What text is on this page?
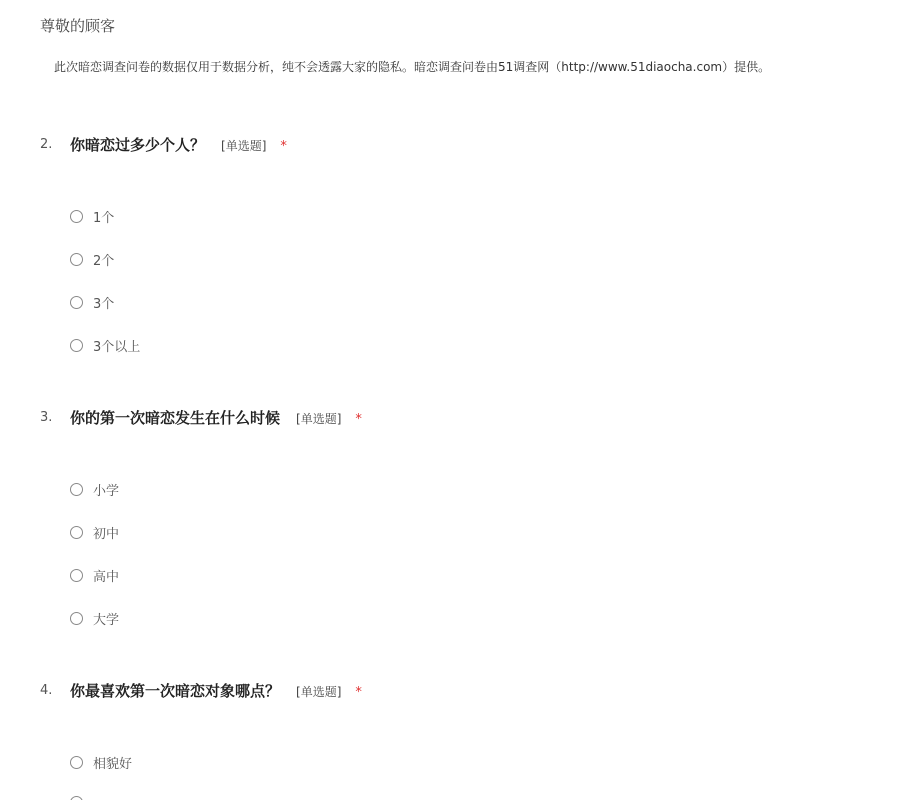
尊敬的顾客
此次暗恋调查问卷的数据仅用于数据分析，纯不会透露大家的隐私。暗恋调查问卷由51调查网（http://www.51diaocha.com）提供。
2. 你暗恋过多少个人？ [单选题] *
1个
2个
3个
3个以上
3. 你的第一次暗恋发生在什么时候 [单选题] *
小学
初中
高中
大学
4. 你最喜欢第一次暗恋对象哪点？ [单选题] *
相貌好
